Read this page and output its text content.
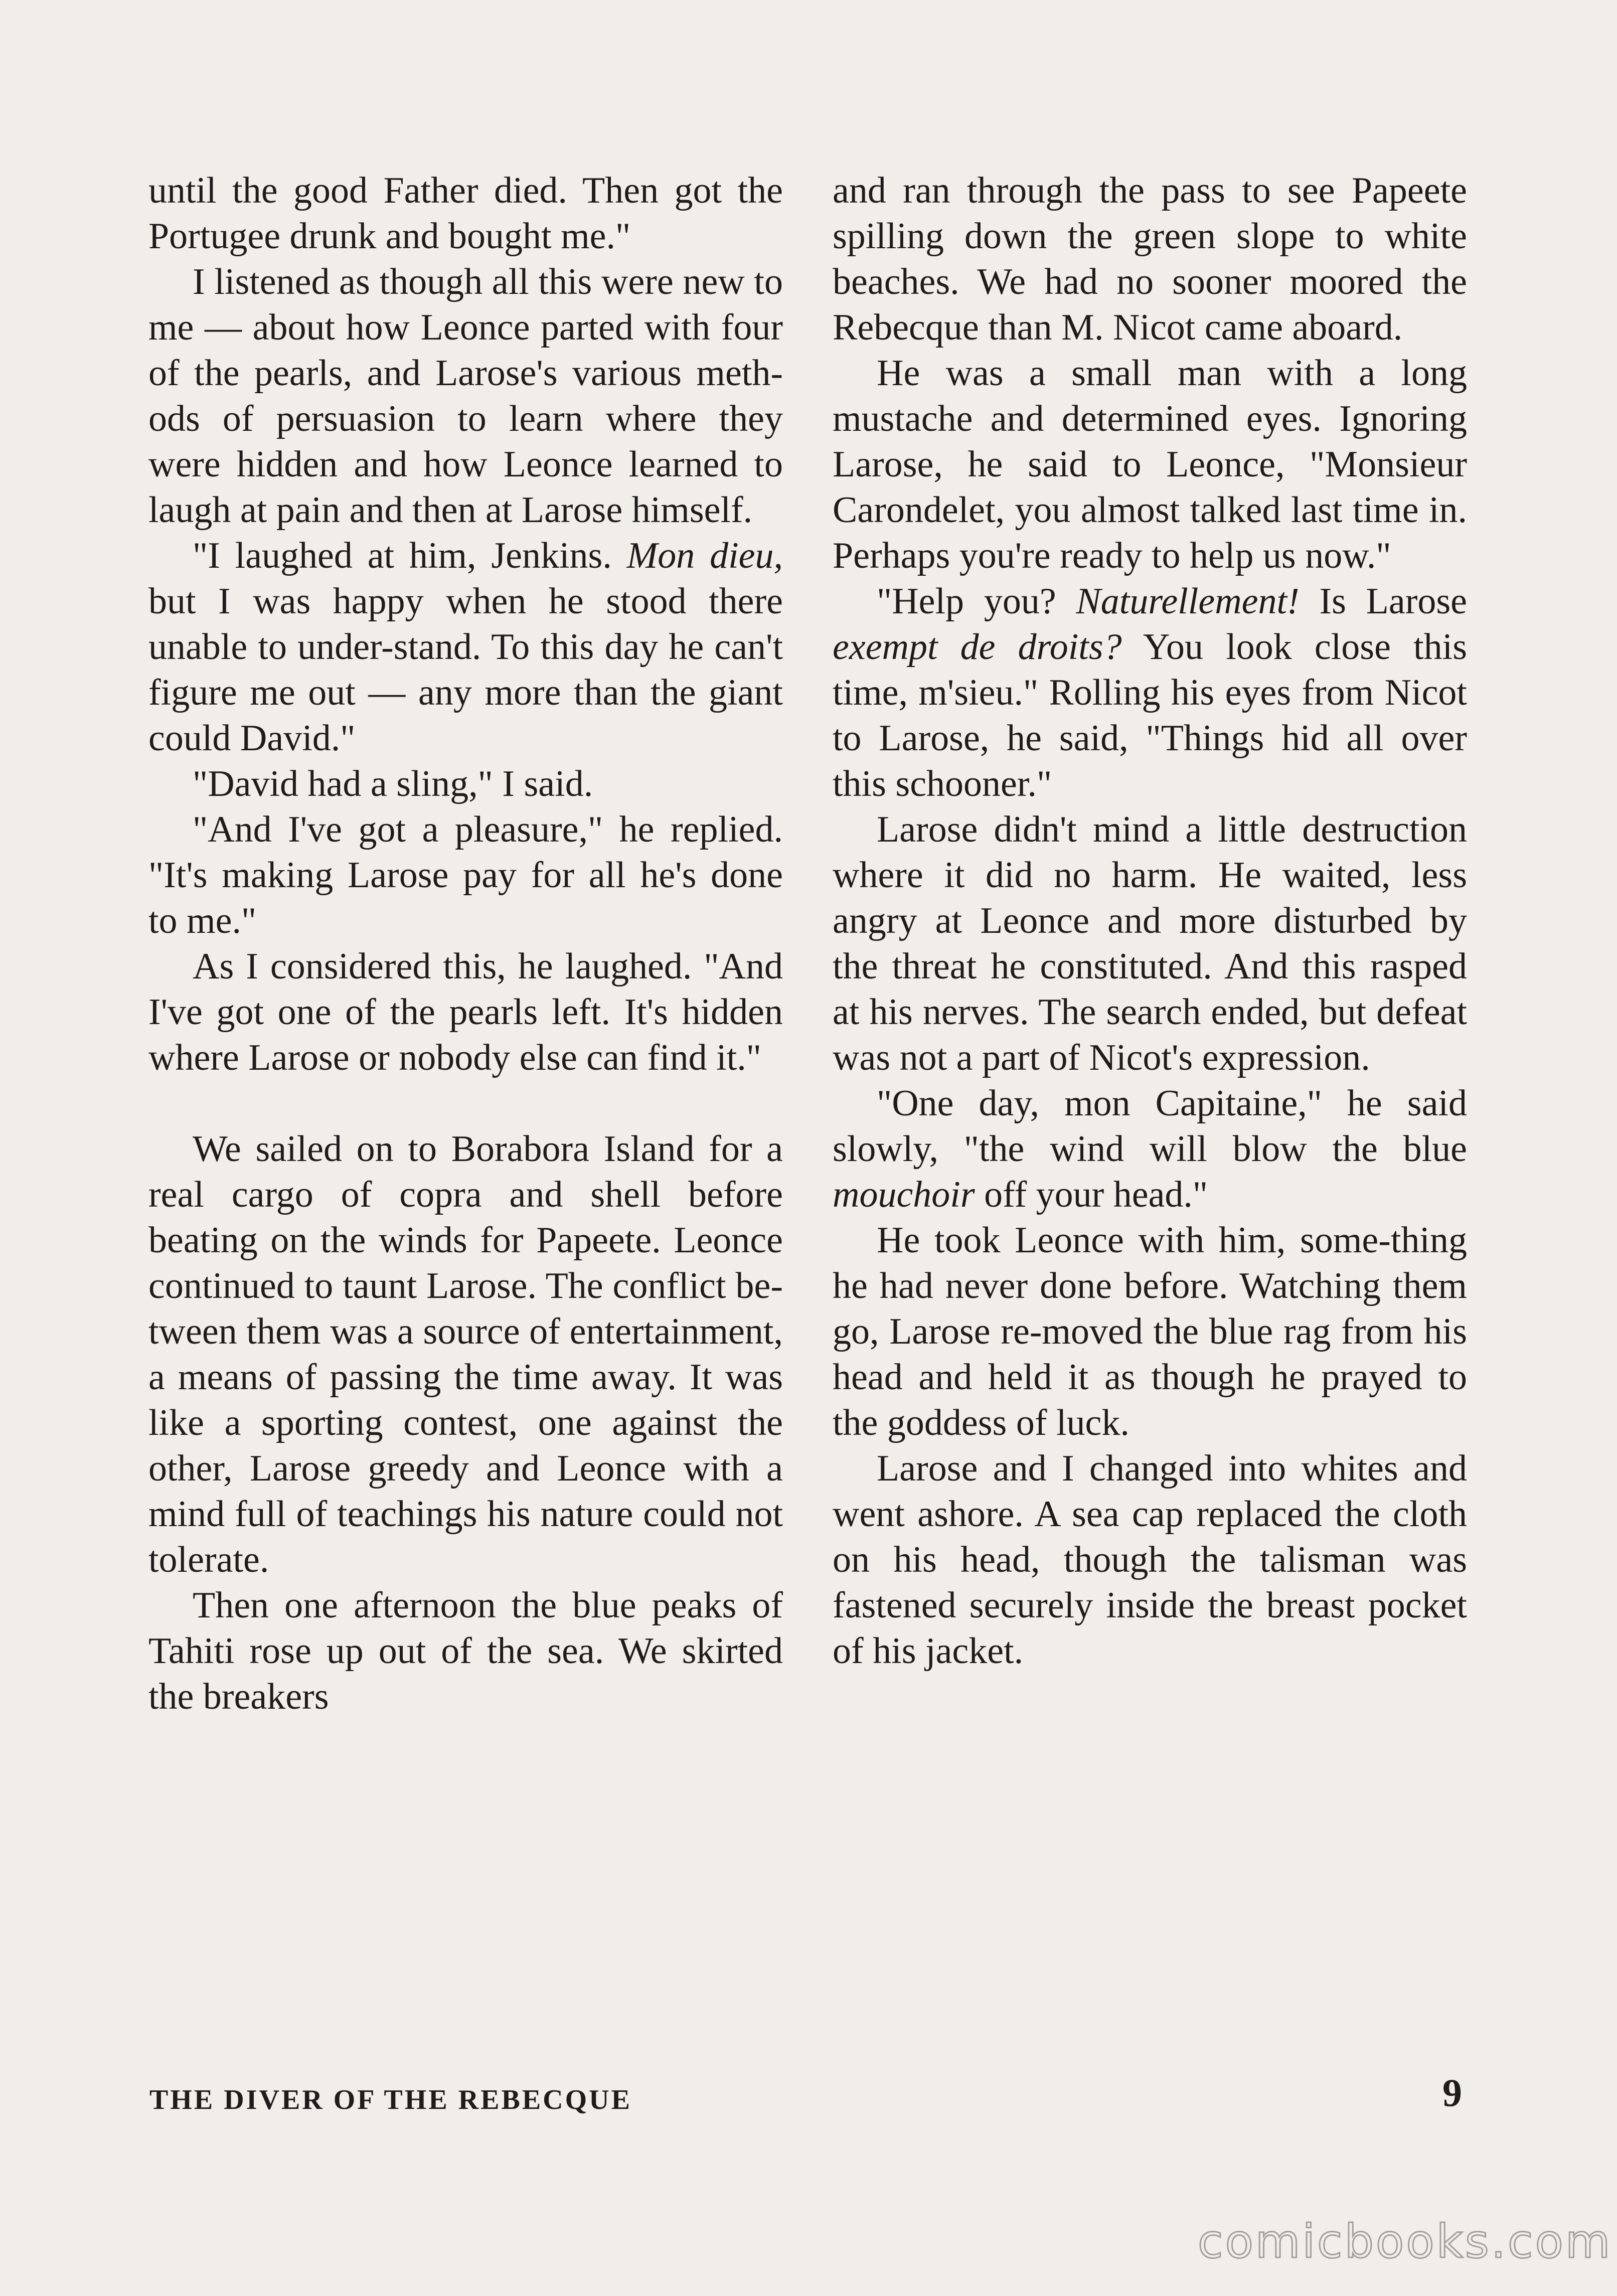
until the good Father died. Then got the Portugee drunk and bought me."

I listened as though all this were new to me — about how Leonce parted with four of the pearls, and Larose's various meth-ods of persuasion to learn where they were hidden and how Leonce learned to laugh at pain and then at Larose himself.

"I laughed at him, Jenkins. Mon dieu, but I was happy when he stood there unable to under-stand. To this day he can't figure me out — any more than the giant could David."

"David had a sling," I said.

"And I've got a pleasure," he replied. "It's making Larose pay for all he's done to me."

As I considered this, he laughed. "And I've got one of the pearls left. It's hidden where Larose or nobody else can find it."

We sailed on to Borabora Island for a real cargo of copra and shell before beating on the winds for Papeete. Leonce continued to taunt Larose. The conflict be-tween them was a source of entertainment, a means of passing the time away. It was like a sporting contest, one against the other, Larose greedy and Leonce with a mind full of teachings his nature could not tolerate.

Then one afternoon the blue peaks of Tahiti rose up out of the sea. We skirted the breakers

and ran through the pass to see Papeete spilling down the green slope to white beaches. We had no sooner moored the Rebecque than M. Nicot came aboard.

He was a small man with a long mustache and determined eyes. Ignoring Larose, he said to Leonce, "Monsieur Carondelet, you almost talked last time in. Perhaps you're ready to help us now."

"Help you? Naturellement! Is Larose exempt de droits? You look close this time, m'sieu." Rolling his eyes from Nicot to Larose, he said, "Things hid all over this schooner."

Larose didn't mind a little destruction where it did no harm. He waited, less angry at Leonce and more disturbed by the threat he constituted. And this rasped at his nerves. The search ended, but defeat was not a part of Nicot's expression.

"One day, mon Capitaine," he said slowly, "the wind will blow the blue mouchoir off your head."

He took Leonce with him, some-thing he had never done before. Watching them go, Larose re-moved the blue rag from his head and held it as though he prayed to the goddess of luck.

Larose and I changed into whites and went ashore. A sea cap replaced the cloth on his head, though the talisman was fastened securely inside the breast pocket of his jacket.

THE DIVER OF THE REBECQUE	9
comicbooks.com
